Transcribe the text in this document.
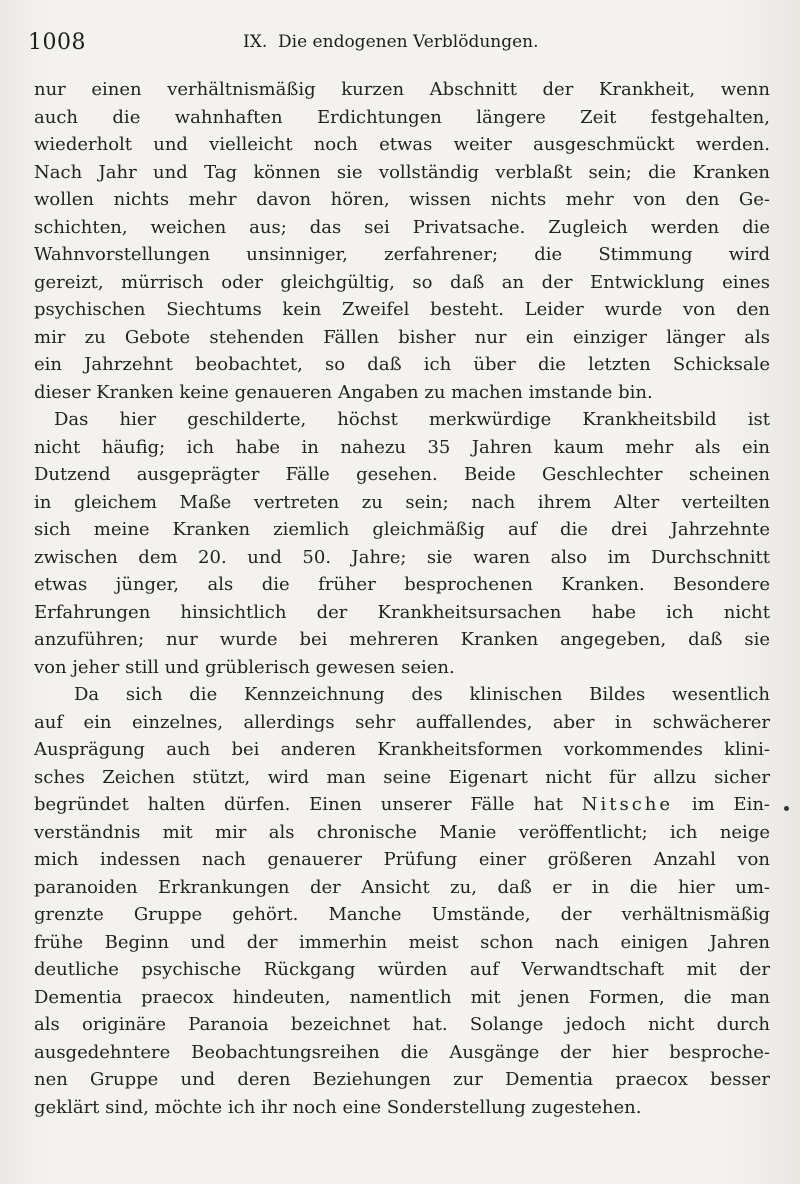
1008	IX.  Die endogenen Verblödungen.
nur einen verhältnismäßig kurzen Abschnitt der Krankheit, wenn
auch die wahnhaften Erdichtungen längere Zeit festgehalten,
wiederholt und vielleicht noch etwas weiter ausgeschmückt werden.
Nach Jahr und Tag können sie vollständig verblaßt sein; die Kranken
wollen nichts mehr davon hören, wissen nichts mehr von den Ge-
schichten, weichen aus; das sei Privatsache. Zugleich werden die
Wahnvorstellungen unsinniger, zerfahrener; die Stimmung wird
gereizt, mürrisch oder gleichgültig, so daß an der Entwicklung eines
psychischen Siechtums kein Zweifel besteht. Leider wurde von den
mir zu Gebote stehenden Fällen bisher nur ein einziger länger als
ein Jahrzehnt beobachtet, so daß ich über die letzten Schicksale
dieser Kranken keine genaueren Angaben zu machen imstande bin.
Das hier geschilderte, höchst merkwürdige Krankheitsbild ist
nicht häufig; ich habe in nahezu 35 Jahren kaum mehr als ein
Dutzend ausgeprägter Fälle gesehen. Beide Geschlechter scheinen
in gleichem Maße vertreten zu sein; nach ihrem Alter verteilten
sich meine Kranken ziemlich gleichmäßig auf die drei Jahrzehnte
zwischen dem 20. und 50. Jahre; sie waren also im Durchschnitt
etwas jünger, als die früher besprochenen Kranken. Besondere
Erfahrungen hinsichtlich der Krankheitsursachen habe ich nicht
anzuführen; nur wurde bei mehreren Kranken angegeben, daß sie
von jeher still und grüblerisch gewesen seien.
Da sich die Kennzeichnung des klinischen Bildes wesentlich
auf ein einzelnes, allerdings sehr auffallendes, aber in schwächerer
Ausprägung auch bei anderen Krankheitsformen vorkommendes klini-
sches Zeichen stützt, wird man seine Eigenart nicht für allzu sicher
begründet halten dürfen. Einen unserer Fälle hat Nitsche im Ein-
verständnis mit mir als chronische Manie veröffentlicht; ich neige
mich indessen nach genauerer Prüfung einer größeren Anzahl von
paranoiden Erkrankungen der Ansicht zu, daß er in die hier um-
grenzte Gruppe gehört. Manche Umstände, der verhältnismäßig
frühe Beginn und der immerhin meist schon nach einigen Jahren
deutliche psychische Rückgang würden auf Verwandtschaft mit der
Dementia praecox hindeuten, namentlich mit jenen Formen, die man
als originäre Paranoia bezeichnet hat. Solange jedoch nicht durch
ausgedehntere Beobachtungsreihen die Ausgänge der hier besproche-
nen Gruppe und deren Beziehungen zur Dementia praecox besser
geklärt sind, möchte ich ihr noch eine Sonderstellung zugestehen.
